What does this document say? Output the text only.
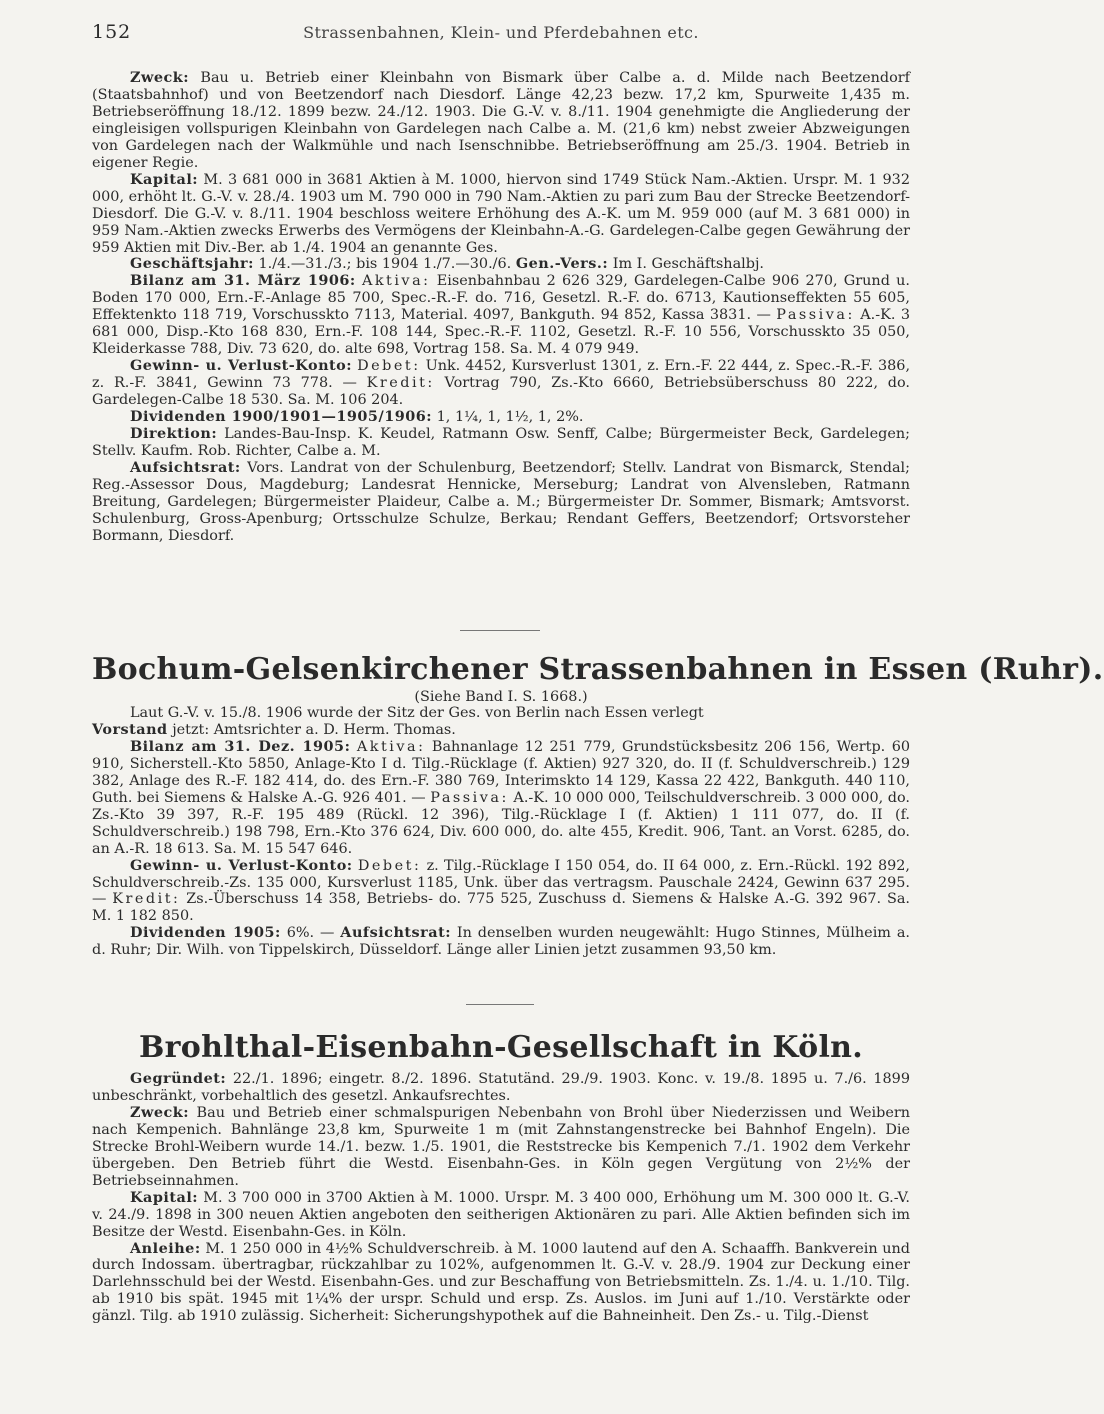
152	Strassenbahnen, Klein- und Pferdebahnen etc.

Zweck: Bau u. Betrieb einer Kleinbahn von Bismark über Calbe a. d. Milde nach Beetzendorf (Staatsbahnhof) und von Beetzendorf nach Diesdorf. Länge 42,23 bezw. 17,2 km, Spurweite 1,435 m. Betriebseröffnung 18./12. 1899 bezw. 24./12. 1903. Die G.-V. v. 8./11. 1904 genehmigte die Angliederung der eingleisigen vollspurigen Kleinbahn von Gardelegen nach Calbe a. M. (21,6 km) nebst zweier Abzweigungen von Gardelegen nach der Walkmühle und nach Isenschnibbe. Betriebseröffnung am 25./3. 1904. Betrieb in eigener Regie.

Kapital: M. 3 681 000 in 3681 Aktien à M. 1000, hiervon sind 1749 Stück Nam.-Aktien. Urspr. M. 1 932 000, erhöht lt. G.-V. v. 28./4. 1903 um M. 790 000 in 790 Nam.-Aktien zu pari zum Bau der Strecke Beetzendorf-Diesdorf. Die G.-V. v. 8./11. 1904 beschloss weitere Erhöhung des A.-K. um M. 959 000 (auf M. 3 681 000) in 959 Nam.-Aktien zwecks Erwerbs des Vermögens der Kleinbahn-A.-G. Gardelegen-Calbe gegen Gewährung der 959 Aktien mit Div.-Ber. ab 1./4. 1904 an genannte Ges.

Geschäftsjahr: 1./4.—31./3.; bis 1904 1./7.—30./6. Gen.-Vers.: Im I. Geschäftshalbj.

Bilanz am 31. März 1906: Aktiva: Eisenbahnbau 2 626 329, Gardelegen-Calbe 906 270, Grund u. Boden 170 000, Ern.-F.-Anlage 85 700, Spec.-R.-F. do. 716, Gesetzl. R.-F. do. 6713, Kautionseffekten 55 605, Effektenkto 118 719, Vorschusskto 7113, Material. 4097, Bankguth. 94 852, Kassa 3831. — Passiva: A.-K. 3 681 000, Disp.-Kto 168 830, Ern.-F. 108 144, Spec.-R.-F. 1102, Gesetzl. R.-F. 10 556, Vorschusskto 35 050, Kleiderkasse 788, Div. 73 620, do. alte 698, Vortrag 158. Sa. M. 4 079 949.

Gewinn- u. Verlust-Konto: Debet: Unk. 4452, Kursverlust 1301, z. Ern.-F. 22 444, z. Spec.-R.-F. 386, z. R.-F. 3841, Gewinn 73 778. — Kredit: Vortrag 790, Zs.-Kto 6660, Betriebsüberschuss 80 222, do. Gardelegen-Calbe 18 530. Sa. M. 106 204.

Dividenden 1900/1901—1905/1906: 1, 1¼, 1, 1½, 1, 2%.

Direktion: Landes-Bau-Insp. K. Keudel, Ratmann Osw. Senff, Calbe; Bürgermeister Beck, Gardelegen; Stellv. Kaufm. Rob. Richter, Calbe a. M.

Aufsichtsrat: Vors. Landrat von der Schulenburg, Beetzendorf; Stellv. Landrat von Bismarck, Stendal; Reg.-Assessor Dous, Magdeburg; Landesrat Hennicke, Merseburg; Landrat von Alvensleben, Ratmann Breitung, Gardelegen; Bürgermeister Plaideur, Calbe a. M.; Bürgermeister Dr. Sommer, Bismark; Amtsvorst. Schulenburg, Gross-Apenburg; Ortsschulze Schulze, Berkau; Rendant Geffers, Beetzendorf; Ortsvorsteher Bormann, Diesdorf.

Bochum-Gelsenkirchener Strassenbahnen in Essen (Ruhr).

(Siehe Band I. S. 1668.)

Laut G.-V. v. 15./8. 1906 wurde der Sitz der Ges. von Berlin nach Essen verlegt

Vorstand jetzt: Amtsrichter a. D. Herm. Thomas.

Bilanz am 31. Dez. 1905: Aktiva: Bahnanlage 12 251 779, Grundstücksbesitz 206 156, Wertp. 60 910, Sicherstell.-Kto 5850, Anlage-Kto I d. Tilg.-Rücklage (f. Aktien) 927 320, do. II (f. Schuldverschreib.) 129 382, Anlage des R.-F. 182 414, do. des Ern.-F. 380 769, Interimskto 14 129, Kassa 22 422, Bankguth. 440 110, Guth. bei Siemens & Halske A.-G. 926 401. — Passiva: A.-K. 10 000 000, Teilschuldverschreib. 3 000 000, do. Zs.-Kto 39 397, R.-F. 195 489 (Rückl. 12 396), Tilg.-Rücklage I (f. Aktien) 1 111 077, do. II (f. Schuldverschreib.) 198 798, Ern.-Kto 376 624, Div. 600 000, do. alte 455, Kredit. 906, Tant. an Vorst. 6285, do. an A.-R. 18 613. Sa. M. 15 547 646.

Gewinn- u. Verlust-Konto: Debet: z. Tilg.-Rücklage I 150 054, do. II 64 000, z. Ern.-Rückl. 192 892, Schuldverschreib.-Zs. 135 000, Kursverlust 1185, Unk. über das vertragsm. Pauschale 2424, Gewinn 637 295. — Kredit: Zs.-Überschuss 14 358, Betriebs- do. 775 525, Zuschuss d. Siemens & Halske A.-G. 392 967. Sa. M. 1 182 850.

Dividenden 1905: 6%. — Aufsichtsrat: In denselben wurden neugewählt: Hugo Stinnes, Mülheim a. d. Ruhr; Dir. Wilh. von Tippelskirch, Düsseldorf. Länge aller Linien jetzt zusammen 93,50 km.

Brohlthal-Eisenbahn-Gesellschaft in Köln.

Gegründet: 22./1. 1896; eingetr. 8./2. 1896. Statutänd. 29./9. 1903. Konc. v. 19./8. 1895 u. 7./6. 1899 unbeschränkt, vorbehaltlich des gesetzl. Ankaufsrechtes.

Zweck: Bau und Betrieb einer schmalspurigen Nebenbahn von Brohl über Niederzissen und Weibern nach Kempenich. Bahnlänge 23,8 km, Spurweite 1 m (mit Zahnstangenstrecke bei Bahnhof Engeln). Die Strecke Brohl-Weibern wurde 14./1. bezw. 1./5. 1901, die Reststrecke bis Kempenich 7./1. 1902 dem Verkehr übergeben. Den Betrieb führt die Westd. Eisenbahn-Ges. in Köln gegen Vergütung von 2½% der Betriebseinnahmen.

Kapital: M. 3 700 000 in 3700 Aktien à M. 1000. Urspr. M. 3 400 000, Erhöhung um M. 300 000 lt. G.-V. v. 24./9. 1898 in 300 neuen Aktien angeboten den seitherigen Aktionären zu pari. Alle Aktien befinden sich im Besitze der Westd. Eisenbahn-Ges. in Köln.

Anleihe: M. 1 250 000 in 4½% Schuldverschreib. à M. 1000 lautend auf den A. Schaaffh. Bankverein und durch Indossam. übertragbar, rückzahlbar zu 102%, aufgenommen lt. G.-V. v. 28./9. 1904 zur Deckung einer Darlehnsschuld bei der Westd. Eisenbahn-Ges. und zur Beschaffung von Betriebsmitteln. Zs. 1./4. u. 1./10. Tilg. ab 1910 bis spät. 1945 mit 1¼% der urspr. Schuld und ersp. Zs. Auslos. im Juni auf 1./10. Verstärkte oder gänzl. Tilg. ab 1910 zulässig. Sicherheit: Sicherungshypothek auf die Bahneinheit. Den Zs.- u. Tilg.-Dienst
